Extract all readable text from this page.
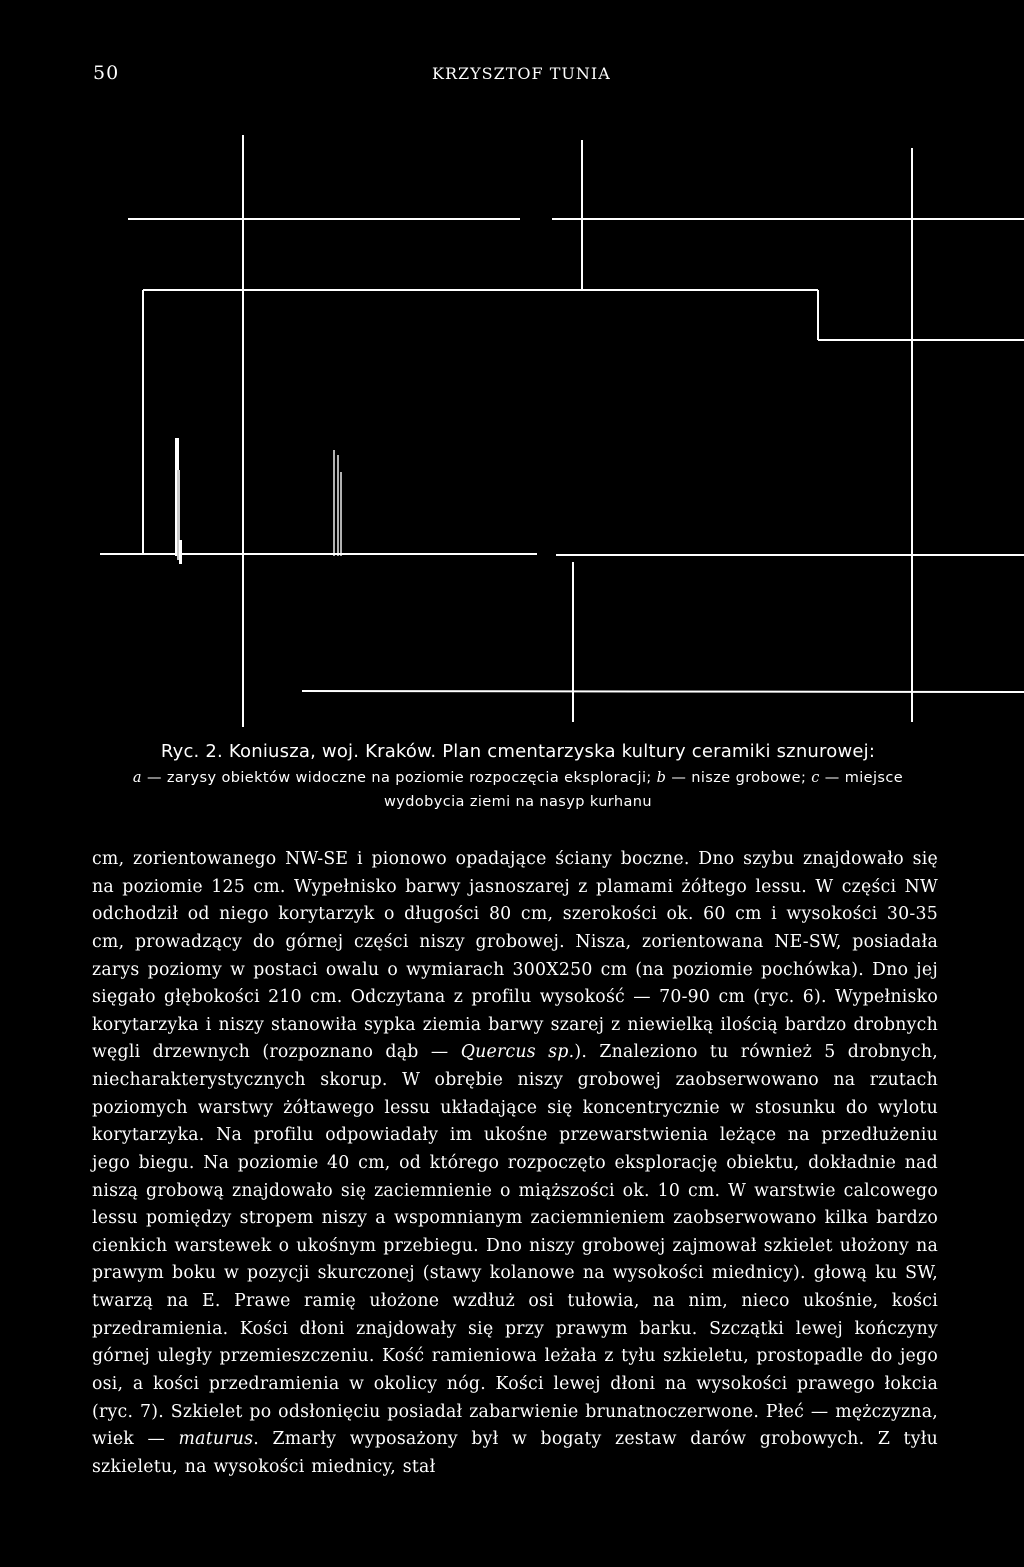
50	KRZYSZTOF TUNIA
Ryc. 2. Koniusza, woj. Kraków. Plan cmentarzyska kultury ceramiki sznurowej:
a — zarysy obiektów widoczne na poziomie rozpoczęcia eksploracji; b — nisze grobowe; c — miejsce wydobycia ziemi na nasyp kurhanu

cm, zorientowanego NW-SE i pionowo opadające ściany boczne. Dno szybu znajdowało się na poziomie 125 cm. Wypełnisko barwy jasnoszarej z plamami żółtego lessu. W części NW odchodził od niego korytarzyk o długości 80 cm, szerokości ok. 60 cm i wysokości 30-35 cm, prowadzący do górnej części niszy grobowej. Nisza, zorientowana NE-SW, posiadała zarys poziomy w postaci owalu o wymiarach 300X250 cm (na poziomie pochówka). Dno jej sięgało głębokości 210 cm. Odczytana z profilu wysokość — 70-90 cm (ryc. 6). Wypełnisko korytarzyka i niszy stanowiła sypka ziemia barwy szarej z niewielką ilością bardzo drobnych węgli drzewnych (rozpoznano dąb — Quercus sp.). Znaleziono tu również 5 drobnych, niecharakterystycznych skorup. W obrębie niszy grobowej zaobserwowano na rzutach poziomych warstwy żółtawego lessu układające się koncentrycznie w stosunku do wylotu korytarzyka. Na profilu odpowiadały im ukośne przewarstwienia leżące na przedłużeniu jego biegu. Na poziomie 40 cm, od którego rozpoczęto eksplorację obiektu, dokładnie nad niszą grobową znajdowało się zaciemnienie o miąższości ok. 10 cm. W warstwie calcowego lessu pomiędzy stropem niszy a wspomnianym zaciemnieniem zaobserwowano kilka bardzo cienkich warstewek o ukośnym przebiegu. Dno niszy grobowej zajmował szkielet ułożony na prawym boku w pozycji skurczonej (stawy kolanowe na wysokości miednicy). głową ku SW, twarzą na E. Prawe ramię ułożone wzdłuż osi tułowia, na nim, nieco ukośnie, kości przedramienia. Kości dłoni znajdowały się przy prawym barku. Szczątki lewej kończyny górnej uległy przemieszczeniu. Kość ramieniowa leżała z tyłu szkieletu, prostopadle do jego osi, a kości przedramienia w okolicy nóg. Kości lewej dłoni na wysokości prawego łokcia (ryc. 7). Szkielet po odsłonięciu posiadał zabarwienie brunatnoczerwone. Płeć — mężczyzna, wiek — maturus. Zmarły wyposażony był w bogaty zestaw darów grobowych. Z tyłu szkieletu, na wysokości miednicy, stał
